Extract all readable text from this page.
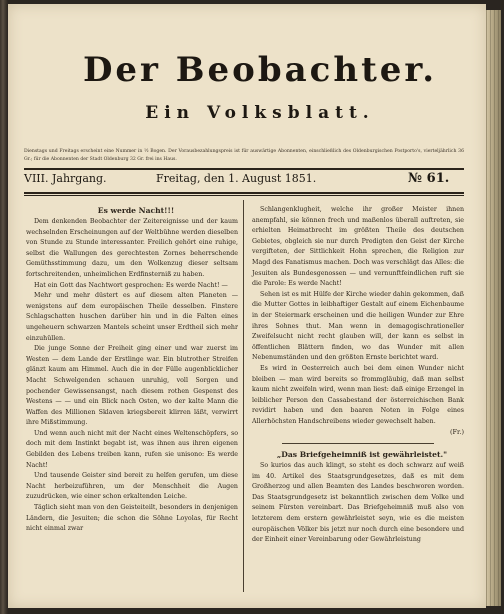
Der Beobachter.
Ein Volksblatt.
Dienstags und Freitags erscheint eine Nummer in ½ Bogen. Der Vorausbezahlungspreis ist für auswärtige Abonnenten, einschließlich des Oldenburgischen Postporto's, vierteljährlich 36 Gr.; für die Abonnenten der Stadt Oldenburg 32 Gr. frei ins Haus.
VIII. Jahrgang.	Freitag, den 1. August 1851.	№ 61.

Es werde Nacht!!!

Dem denkenden Beobachter der Zeitereignisse und der kaum wechselnden Erscheinungen auf der Weltbühne werden dieselben von Stunde zu Stunde interessanter. Freilich gehört eine ruhige, selbst die Wallungen des gerechtesten Zornes beherrschende Gemüthsstimmung dazu, um den Wolkenzug dieser seltsam fortschreitenden, unheimlichen Erdfinsterniß zu haben.

Hat ein Gott das Nachtwort gesprochen: Es werde Nacht! —

Mehr und mehr düstert es auf diesem alten Planeten — wenigstens auf dem europäischen Theile desselben. Finstere Schlagschatten huschen darüber hin und in die Falten eines ungeheuern schwarzen Mantels scheint unser Erdtheil sich mehr einzuhüllen.

Die junge Sonne der Freiheit ging einer und war zuerst im Westen — dem Lande der Erstlinge war. Ein blutrother Streifen glänzt kaum am Himmel. Auch die in der Fülle augenblicklicher Macht Schwelgenden schauen unruhig, voll Sorgen und pochender Gewissensangst, nach diesem rothen Gespenst des Westens — — und ein Blick nach Osten, wo der kalte Mann die Waffen des Millionen Sklaven kriegsbereit klirren läßt, verwirrt ihre Mißstimmung.

Und wenn auch nicht mit der Nacht eines Weltenschöpfers, so doch mit dem Instinkt begabt ist, was ihnen aus ihren eigenen Gebilden des Lebens treiben kann, rufen sie unisono: Es werde Nacht!

Und tausende Geister sind bereit zu helfen gerufen, um diese Nacht herbeizuführen, um der Menschheit die Augen zuzudrücken, wie einer schon erkaltenden Leiche.

Täglich sieht man von den Geisteiteilt, besonders in denjenigen Ländern, die Jesuiten; die schon die Söhne Loyolas, für Recht nicht einmal zwar

Schlangenklugheit, welche ihr großer Meister ihnen anempfahl, sie können frech und maßenlos überall auftreten, sie erhielten Heimatbrecht im größten Theile des deutschen Gebietes, obgleich sie nur durch Predigten den Geist der Kirche vergifteten, der Sittlichkeit Hohn sprechen, die Religion zur Magd des Fanatismus machen. Doch was verschlägt das Alles: die Jesuiten als Bundesgenossen — und vernunftfeindlichen ruft sie die Parole: Es werde Nacht!

Sehen ist es mit Hülfe der Kirche wieder dahin gekommen, daß die Mutter Gottes in leibhaftiger Gestalt auf einem Eichenbaume in der Steiermark erscheinen und die heiligen Wunder zur Ehre ihres Sohnes thut. Man wenn in demagogischrationeller Zweifelsucht nicht recht glauben will, der kann es selbst in öffentlichen Blättern finden, wo das Wunder mit allen Nebenumständen und den größten Ernste berichtet ward.

Es wird in Oesterreich auch bei dem einen Wunder nicht bleiben — man wird bereits so frommgläubig, daß man selbst kaum nicht zweifeln wird, wenn man liest: daß einige Erzengel in leiblicher Person den Cassabestand der österreichischen Bank revidirt haben und den baaren Noten in Folge eines Allerhöchsten Handschreibens wieder gewechselt haben.

(Fr.)

„Das Briefgeheimniß ist gewährleistet."

So kurios das auch klingt, so steht es doch schwarz auf weiß im 40. Artikel des Staatsgrundgesetzes, daß es mit dem Großherzog und allen Beamten des Landes beschworen worden. Das Staatsgrundgesetz ist bekanntlich zwischen dem Volke und seinem Fürsten vereinbart. Das Briefgeheimniß muß also von letzterem dem erstern gewährleistet seyn, wie es die meisten europäischen Völker bis jetzt nur noch durch eine besondere und der Einheit einer Vereinbarung oder Gewährleistung
